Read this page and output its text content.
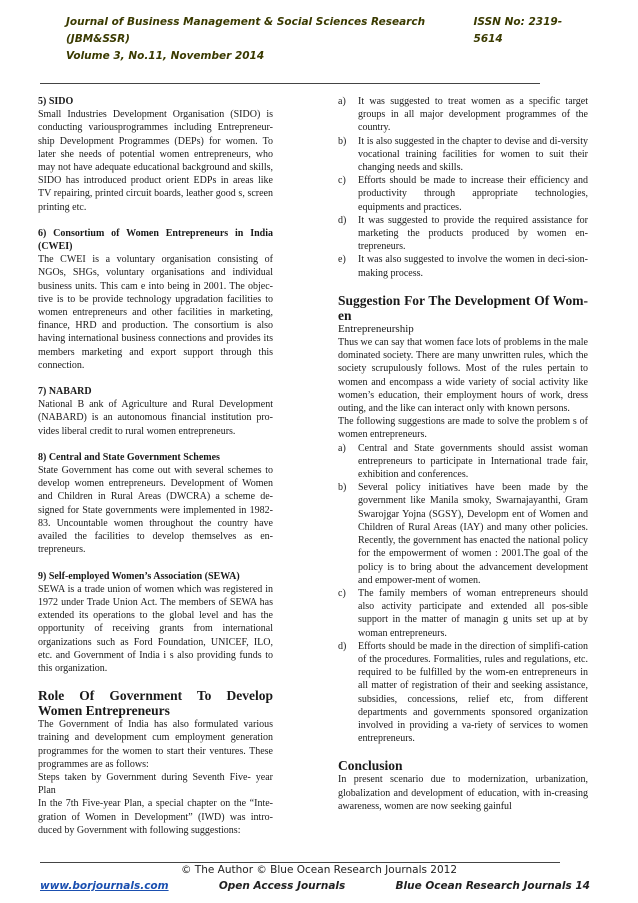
Journal of Business Management & Social Sciences Research (JBM&SSR)
ISSN No: 2319-5614
Volume 3, No.11, November 2014

5) SIDO

Small Industries Development Organisation (SIDO) is conducting variousprogrammes including Entrepreneur-ship Development Programmes (DEPs) for women. To later she needs of potential women entrepreneurs, who may not have adequate educational background and skills, SIDO has introduced product orient EDPs in areas like TV repairing, printed circuit boards, leather good s, screen printing etc.

6) Consortium of Women Entrepreneurs in India (CWEI)

The CWEI is a voluntary organisation consisting of NGOs, SHGs, voluntary organisations and individual business units. This cam e into being in 2001. The objec-tive is to be provide technology upgradation facilities to women entrepreneurs and other facilities in marketing, finance, HRD and production. The consortium is also having international business connections and provides its members marketing and export support through this connection.

7) NABARD

National B ank of Agriculture and Rural Development (NABARD) is an autonomous financial institution pro-vides liberal credit to rural women entrepreneurs.

8) Central and State Government Schemes

State Government has come out with several schemes to develop women entrepreneurs. Development of Women and Children in Rural Areas (DWCRA) a scheme de-signed for State governments were implemented in 1982-83. Uncountable women throughout the country have availed the facilities to develop themselves as en-trepreneurs.

9) Self-employed Women’s Association (SEWA)

SEWA is a trade union of women which was registered in 1972 under Trade Union Act. The members of SEWA has extended its operations to the global level and has the opportunity of receiving grants from international organizations such as Ford Foundation, UNICEF, ILO, etc. and Government of India i s also providing funds to this organization.

Role Of Government To Develop Women Entrepreneurs

The Government of India has also formulated various training and development cum employment generation programmes for the women to start their ventures. These programmes are as follows:

Steps taken by Government during Seventh Five- year Plan

In the 7th Five-year Plan, a special chapter on the “Inte-gration of Women in Development” (IWD) was intro-duced by Government with following suggestions:

a)	It was suggested to treat women as a specific target groups in all major development programmes of the country.
b)	It is also suggested in the chapter to devise and di-versity vocational training facilities for women to suit their changing needs and skills.
c)	Efforts should be made to increase their efficiency and productivity through appropriate technologies, equipments and practices.
d)	It was suggested to provide the required assistance for marketing the products produced by women en-trepreneurs.
e)	It was also suggested to involve the women in deci-sion-making process.

Suggestion For The Development Of Wom-en

Entrepreneurship

Thus we can say that women face lots of problems in the male dominated society. There are many unwritten rules, which the society scrupulously follows. Most of the rules pertain to women and encompass a wide variety of social activity like women’s education, their employment hours of work, dress outing, and the like can interact only with known persons.

The following suggestions are made to solve the problem s of women entrepreneurs.

a)	Central and State governments should assist woman entrepreneurs to participate in International trade fair, exhibition and conferences.
b)	Several policy initiatives have been made by the government like Manila smoky, Swarnajayanthi, Gram Swarojgar Yojna (SGSY), Developm ent of Women and Children of Rural Areas (IAY) and many other policies. Recently, the government has enacted the national policy for the empowerment of women : 2001.The goal of the policy is to bring about the advancement development and empower-ment of women.
c)	The family members of woman entrepreneurs should also activity participate and extended all pos-sible support in the matter of managin g units set up at by woman entrepreneurs.
d)	Efforts should be made in the direction of simplifi-cation of the procedures. Formalities, rules and regulations, etc. required to be fulfilled by the wom-en entrepreneurs in all matter of registration of their and seeking assistance, subsidies, concessions, relief etc, from different departments and governments sponsored organization involved in providing a va-riety of services to women entrepreneurs.

Conclusion

In present scenario due to modernization, urbanization, globalization and development of education, with in-creasing awareness, women are now seeking gainful

© The Author © Blue Ocean Research Journals 2012
www.borjournals.com	Open Access Journals	Blue Ocean Research Journals 14
